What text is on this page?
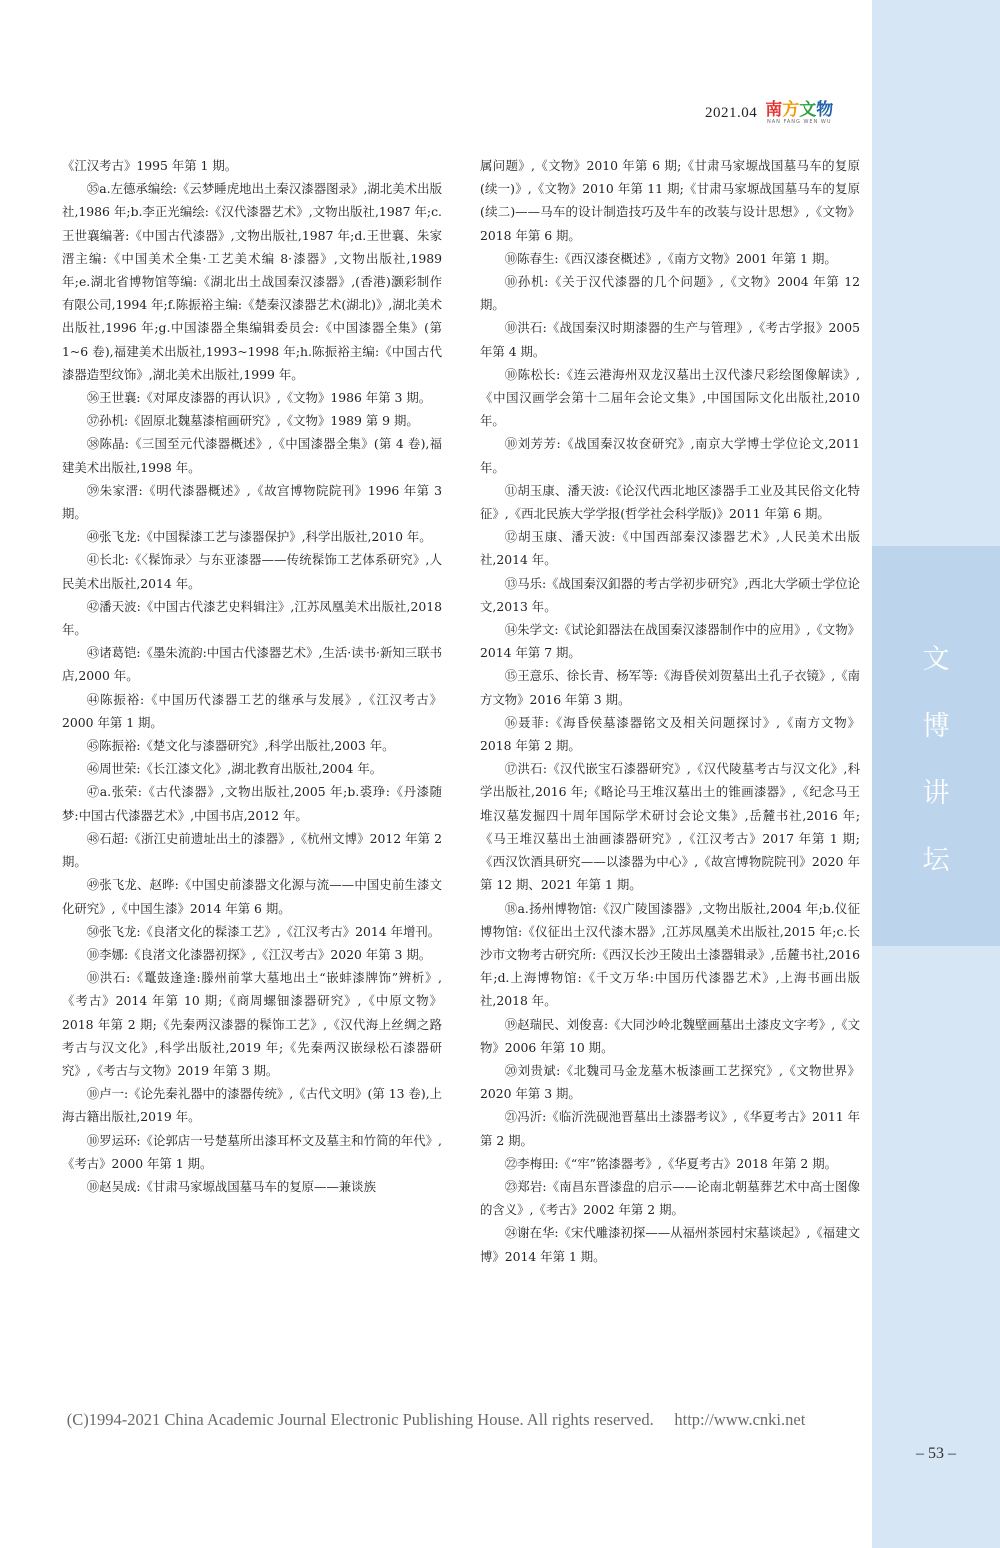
文
博
讲
坛
2021.04 南 方 文 物
NAN FANG WEN WU

《江汉考古》1995 年第 1 期。

㉟a.左德承编绘:《云梦睡虎地出土秦汉漆器图录》,湖北美术出版社,1986 年;b.李正光编绘:《汉代漆器艺术》,文物出版社,1987 年;c.王世襄编著:《中国古代漆器》,文物出版社,1987 年;d.王世襄、朱家溍主编:《中国美术全集·工艺美术编 8·漆器》,文物出版社,1989 年;e.湖北省博物馆等编:《湖北出土战国秦汉漆器》,(香港)灏彩制作有限公司,1994 年;f.陈振裕主编:《楚秦汉漆器艺术(湖北)》,湖北美术出版社,1996 年;g.中国漆器全集编辑委员会:《中国漆器全集》(第 1~6 卷),福建美术出版社,1993~1998 年;h.陈振裕主编:《中国古代漆器造型纹饰》,湖北美术出版社,1999 年。

㊱王世襄:《对犀皮漆器的再认识》,《文物》1986 年第 3 期。

㊲孙机:《固原北魏墓漆棺画研究》,《文物》1989 第 9 期。

㊳陈晶:《三国至元代漆器概述》,《中国漆器全集》(第 4 卷),福建美术出版社,1998 年。

㊴朱家溍:《明代漆器概述》,《故宫博物院院刊》1996 年第 3 期。

㊵张飞龙:《中国髹漆工艺与漆器保护》,科学出版社,2010 年。

㊶长北:《〈髹饰录〉与东亚漆器——传统髹饰工艺体系研究》,人民美术出版社,2014 年。

㊷潘天波:《中国古代漆艺史料辑注》,江苏凤凰美术出版社,2018 年。

㊸诸葛铠:《墨朱流韵:中国古代漆器艺术》,生活·读书·新知三联书店,2000 年。

㊹陈振裕:《中国历代漆器工艺的继承与发展》,《江汉考古》2000 年第 1 期。

㊺陈振裕:《楚文化与漆器研究》,科学出版社,2003 年。

㊻周世荣:《长江漆文化》,湖北教育出版社,2004 年。

㊼a.张荣:《古代漆器》,文物出版社,2005 年;b.裘琤:《丹漆随梦:中国古代漆器艺术》,中国书店,2012 年。

㊽石超:《浙江史前遗址出土的漆器》,《杭州文博》2012 年第 2 期。

㊾张飞龙、赵晔:《中国史前漆器文化源与流——中国史前生漆文化研究》,《中国生漆》2014 年第 6 期。

㊿张飞龙:《良渚文化的髹漆工艺》,《江汉考古》2014 年增刊。

⑩李娜:《良渚文化漆器初探》,《江汉考古》2020 年第 3 期。

⑩洪石:《鼍鼓逢逢:滕州前掌大墓地出土“嵌蚌漆牌饰”辨析》,《考古》2014 年第 10 期;《商周螺钿漆器研究》,《中原文物》2018 年第 2 期;《先秦两汉漆器的髹饰工艺》,《汉代海上丝绸之路考古与汉文化》,科学出版社,2019 年;《先秦两汉嵌绿松石漆器研究》,《考古与文物》2019 年第 3 期。

⑩卢一:《论先秦礼器中的漆器传统》,《古代文明》(第 13 卷),上海古籍出版社,2019 年。

⑩罗运环:《论郭店一号楚墓所出漆耳杯文及墓主和竹简的年代》,《考古》2000 年第 1 期。

⑩赵吴成:《甘肃马家塬战国墓马车的复原——兼谈族

属问题》,《文物》2010 年第 6 期;《甘肃马家塬战国墓马车的复原(续一)》,《文物》2010 年第 11 期;《甘肃马家塬战国墓马车的复原(续二)——马车的设计制造技巧及牛车的改装与设计思想》,《文物》2018 年第 6 期。

⑩陈春生:《西汉漆奁概述》,《南方文物》2001 年第 1 期。

⑩孙机:《关于汉代漆器的几个问题》,《文物》2004 年第 12 期。

⑩洪石:《战国秦汉时期漆器的生产与管理》,《考古学报》2005 年第 4 期。

⑩陈松长:《连云港海州双龙汉墓出土汉代漆尺彩绘图像解读》,《中国汉画学会第十二届年会论文集》,中国国际文化出版社,2010 年。

⑩刘芳芳:《战国秦汉妆奁研究》,南京大学博士学位论文,2011 年。

⑪胡玉康、潘天波:《论汉代西北地区漆器手工业及其民俗文化特征》,《西北民族大学学报(哲学社会科学版)》2011 年第 6 期。

⑫胡玉康、潘天波:《中国西部秦汉漆器艺术》,人民美术出版社,2014 年。

⑬马乐:《战国秦汉釦器的考古学初步研究》,西北大学硕士学位论文,2013 年。

⑭朱学文:《试论釦器法在战国秦汉漆器制作中的应用》,《文物》2014 年第 7 期。

⑮王意乐、徐长青、杨军等:《海昏侯刘贺墓出土孔子衣镜》,《南方文物》2016 年第 3 期。

⑯聂菲:《海昏侯墓漆器铭文及相关问题探讨》,《南方文物》2018 年第 2 期。

⑰洪石:《汉代嵌宝石漆器研究》,《汉代陵墓考古与汉文化》,科学出版社,2016 年;《略论马王堆汉墓出土的锥画漆器》,《纪念马王堆汉墓发掘四十周年国际学术研讨会论文集》,岳麓书社,2016 年;《马王堆汉墓出土油画漆器研究》,《江汉考古》2017 年第 1 期;《西汉饮酒具研究——以漆器为中心》,《故宫博物院院刊》2020 年第 12 期、2021 年第 1 期。

⑱a.扬州博物馆:《汉广陵国漆器》,文物出版社,2004 年;b.仪征博物馆:《仪征出土汉代漆木器》,江苏凤凰美术出版社,2015 年;c.长沙市文物考古研究所:《西汉长沙王陵出土漆器辑录》,岳麓书社,2016 年;d.上海博物馆:《千文万华:中国历代漆器艺术》,上海书画出版社,2018 年。

⑲赵瑞民、刘俊喜:《大同沙岭北魏壁画墓出土漆皮文字考》,《文物》2006 年第 10 期。

⑳刘贵斌:《北魏司马金龙墓木板漆画工艺探究》,《文物世界》2020 年第 3 期。

㉑冯沂:《临沂洗砚池晋墓出土漆器考议》,《华夏考古》2011 年第 2 期。

㉒李梅田:《“牢”铭漆器考》,《华夏考古》2018 年第 2 期。

㉓郑岩:《南昌东晋漆盘的启示——论南北朝墓葬艺术中高士图像的含义》,《考古》2002 年第 2 期。

㉔谢在华:《宋代雕漆初探——从福州茶园村宋墓谈起》,《福建文博》2014 年第 1 期。

(C)1994-2021 China Academic Journal Electronic Publishing House. All rights reserved. http://www.cnki.net
– 53 –
